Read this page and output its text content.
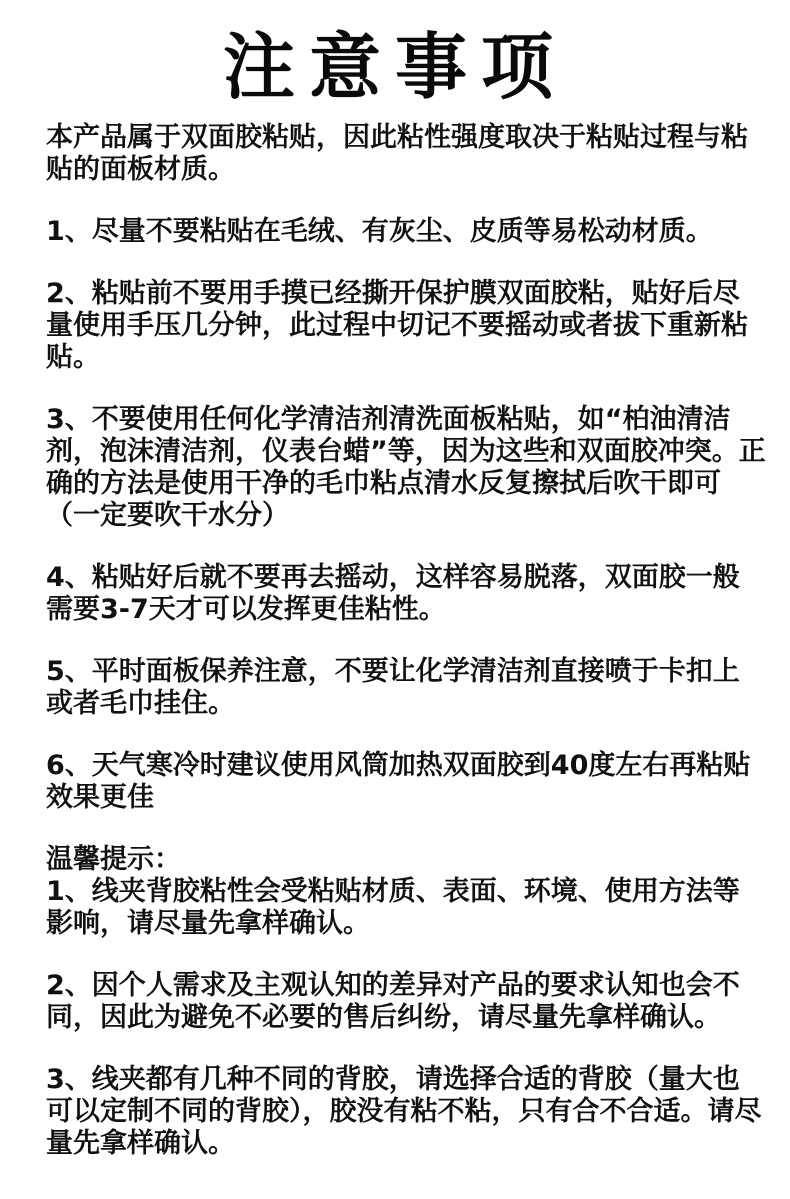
注意事项

本产品属于双面胶粘贴，因此粘性强度取决于粘贴过程与粘贴的面板材质。

1、尽量不要粘贴在毛绒、有灰尘、皮质等易松动材质。

2、粘贴前不要用手摸已经撕开保护膜双面胶粘，贴好后尽量使用手压几分钟，此过程中切记不要摇动或者拔下重新粘贴。

3、不要使用任何化学清洁剂清洗面板粘贴，如“柏油清洁剂，泡沫清洁剂，仪表台蜡”等，因为这些和双面胶冲突。正确的方法是使用干净的毛巾粘点清水反复擦拭后吹干即可（一定要吹干水分）

4、粘贴好后就不要再去摇动，这样容易脱落，双面胶一般需要3-7天才可以发挥更佳粘性。

5、平时面板保养注意，不要让化学清洁剂直接喷于卡扣上或者毛巾挂住。

6、天气寒冷时建议使用风筒加热双面胶到40度左右再粘贴效果更佳

温馨提示：

1、线夹背胶粘性会受粘贴材质、表面、环境、使用方法等影响，请尽量先拿样确认。

2、因个人需求及主观认知的差异对产品的要求认知也会不同，因此为避免不必要的售后纠纷，请尽量先拿样确认。

3、线夹都有几种不同的背胶，请选择合适的背胶（量大也可以定制不同的背胶），胶没有粘不粘，只有合不合适。请尽量先拿样确认。
